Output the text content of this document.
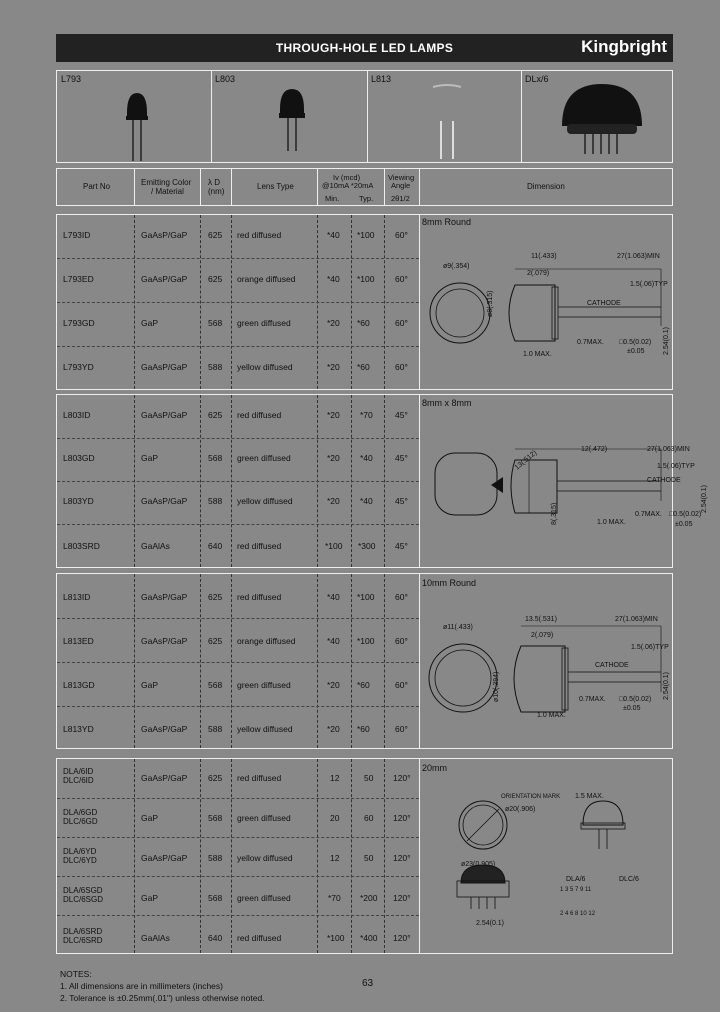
THROUGH-HOLE LED LAMPS	Kingbright
L793	L803	L813	DLx/6
Part No	Emitting Color
/ Material
λ D
(nm)
Lens Type
Iv (mcd)
@10mA *20mA
Min.	Typ.
Viewing
Angle
2θ1/2
Dimension
8mm Round
L793ID	GaAsP/GaP 625 red diffused	*40 *100 60°
L793ED	GaAsP/GaP 625 orange diffused	*40 *100 60°
L793GD	GaP	568 green diffused	*20 *60	60°
L793YD	GaAsP/GaP 588 yellow diffused	*20 *60	60°
ø9(.354)
11(.433)	27(1.063)MIN
2(.079)
1.5(.06)TYP
CATHODE
ø8(.315)
2.54(0.1)
0.7MAX.
1.0 MAX.
□0.5(0.02)
±0.05
8mm x 8mm
L803ID	GaAsP/GaP 625 red diffused	*20 *70	45°
L803GD	GaP	568 green diffused	*20 *40	45°
L803YD	GaAsP/GaP 588 yellow diffused	*20 *40	45°
L803SRD	GaAlAs	640 red diffused	*100 *300 45°
13(.512)	12(.472)	27(1.063)MIN
1.5(.06)TYP
CATHODE
8(.315)
2.54(0.1)
0.7MAX.
1.0 MAX.
□0.5(0.02)
±0.05
10mm Round
L813ID	GaAsP/GaP 625 red diffused	*40 *100 60°
L813ED	GaAsP/GaP 625 orange diffused	*40 *100 60°
L813GD	GaP	568 green diffused	*20 *60	60°
L813YD	GaAsP/GaP 588 yellow diffused	*20 *60	60°
ø11(.433)
13.5(.531)	27(1.063)MIN
2(.079)
1.5(.06)TYP
CATHODE
ø10(.394)	2.54(0.1)
0.7MAX.
1.0 MAX.
□0.5(0.02)
±0.05
20mm
DLA/6ID
DLC/6ID	GaAsP/GaP 625 red diffused	12	50 120°
DLA/6GD
DLC/6GD	GaP	568 green diffused	20	60 120°
DLA/6YD
DLC/6YD	GaAsP/GaP 588 yellow diffused	12	50 120°
DLA/6SGD
DLC/6SGD	GaP	568 green diffused	*70 *200 120°
DLA/6SRD
DLC/6SRD	GaAlAs	640 red diffused	*100 *400 120°
ORIENTATION MARK 1.5 MAX.
ø20(.906)
ø23(0.905)
2.54(0.1)
DLA/6	DLC/6
1 3 5 7 9 11
2 4 6 8 10 12
NOTES:
1. All dimensions are in millimeters (inches)
2. Tolerance is ±0.25mm(.01") unless otherwise noted.
63
